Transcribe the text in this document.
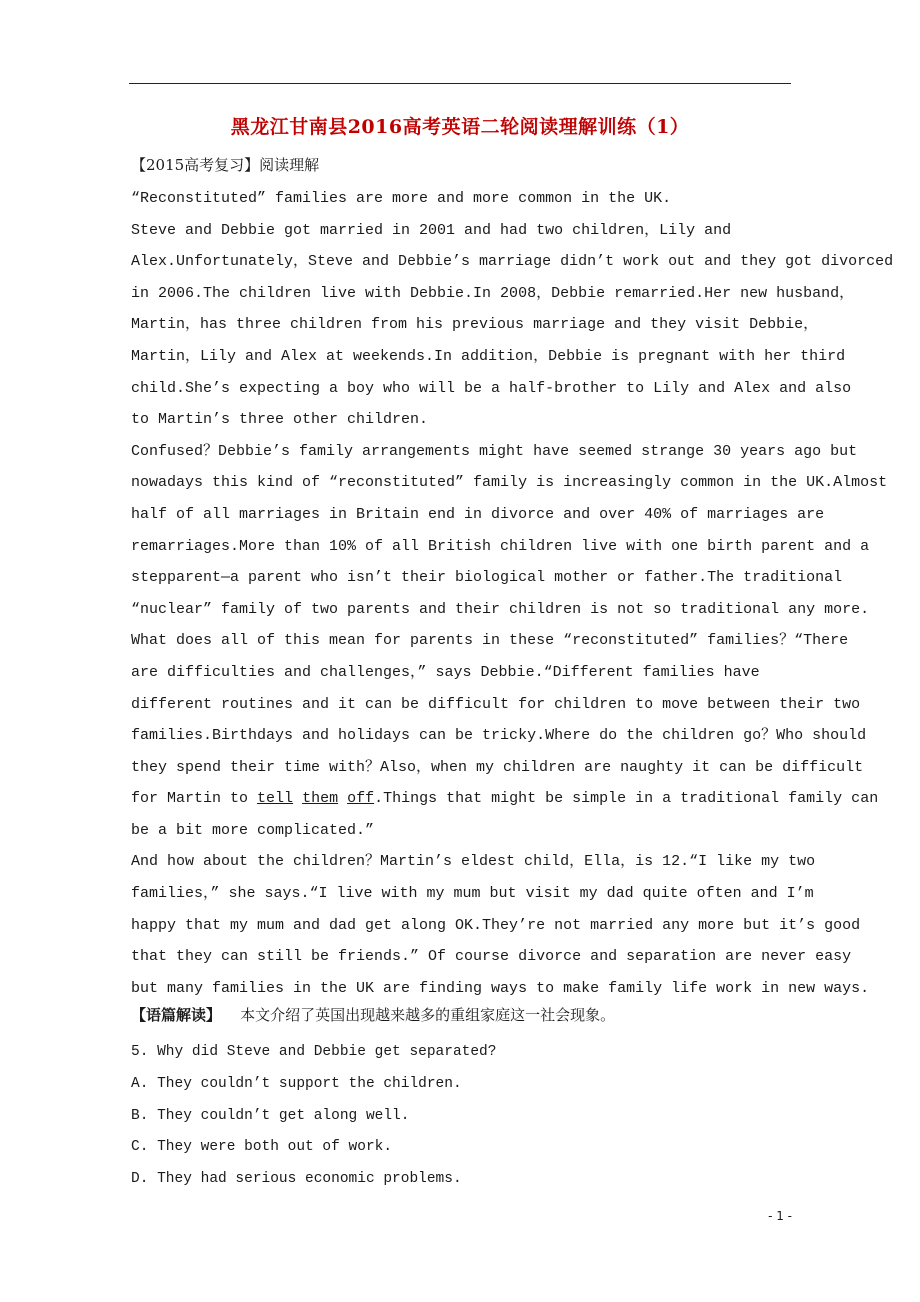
黑龙江甘南县2016高考英语二轮阅读理解训练（1）
【2015高考复习】阅读理解
“Reconstituted” families are more and more common in the UK.
Steve and Debbie got married in 2001 and had two children，Lily and
Alex.Unfortunately，Steve and Debbie’s marriage didn’t work out and they got divorced
in 2006.The children live with Debbie.In 2008，Debbie remarried.Her new husband，
Martin，has three children from his previous marriage and they visit Debbie，
Martin，Lily and Alex at weekends.In addition，Debbie is pregnant with her third
child.She’s expecting a boy who will be a half-brother to Lily and Alex and also
to Martin’s three other children.
Confused？Debbie’s family arrangements might have seemed strange 30 years ago but
nowadays this kind of “reconstituted” family is increasingly common in the UK.Almost
half of all marriages in Britain end in divorce and over 40% of marriages are
remarriages.More than 10% of all British children live with one birth parent and a
stepparent—a parent who isn’t their biological mother or father.The traditional
“nuclear” family of two parents and their children is not so traditional any more.
What does all of this mean for parents in these “reconstituted” families？“There
are difficulties and challenges，” says Debbie.“Different families have
different routines and it can be difficult for children to move between their two
families.Birthdays and holidays can be tricky.Where do the children go？Who should
they spend their time with？Also，when my children are naughty it can be difficult
for Martin to tell them off.Things that might be simple in a traditional family can
be a bit more complicated.”
And how about the children？Martin’s eldest child，Ella，is 12.“I like my two
families，” she says.“I live with my mum but visit my dad quite often and I’m
happy that my mum and dad get along OK.They’re not married any more but it’s good
that they can still be friends.” Of course divorce and separation are never easy
but many families in the UK are finding ways to make family life work in new ways.
【语篇解读】 本文介绍了英国出现越来越多的重组家庭这一社会现象。
5. Why did Steve and Debbie get separated?
A. They couldn’t support the children.
B. They couldn’t get along well.
C. They were both out of work.
D. They had serious economic problems.
- 1 -
